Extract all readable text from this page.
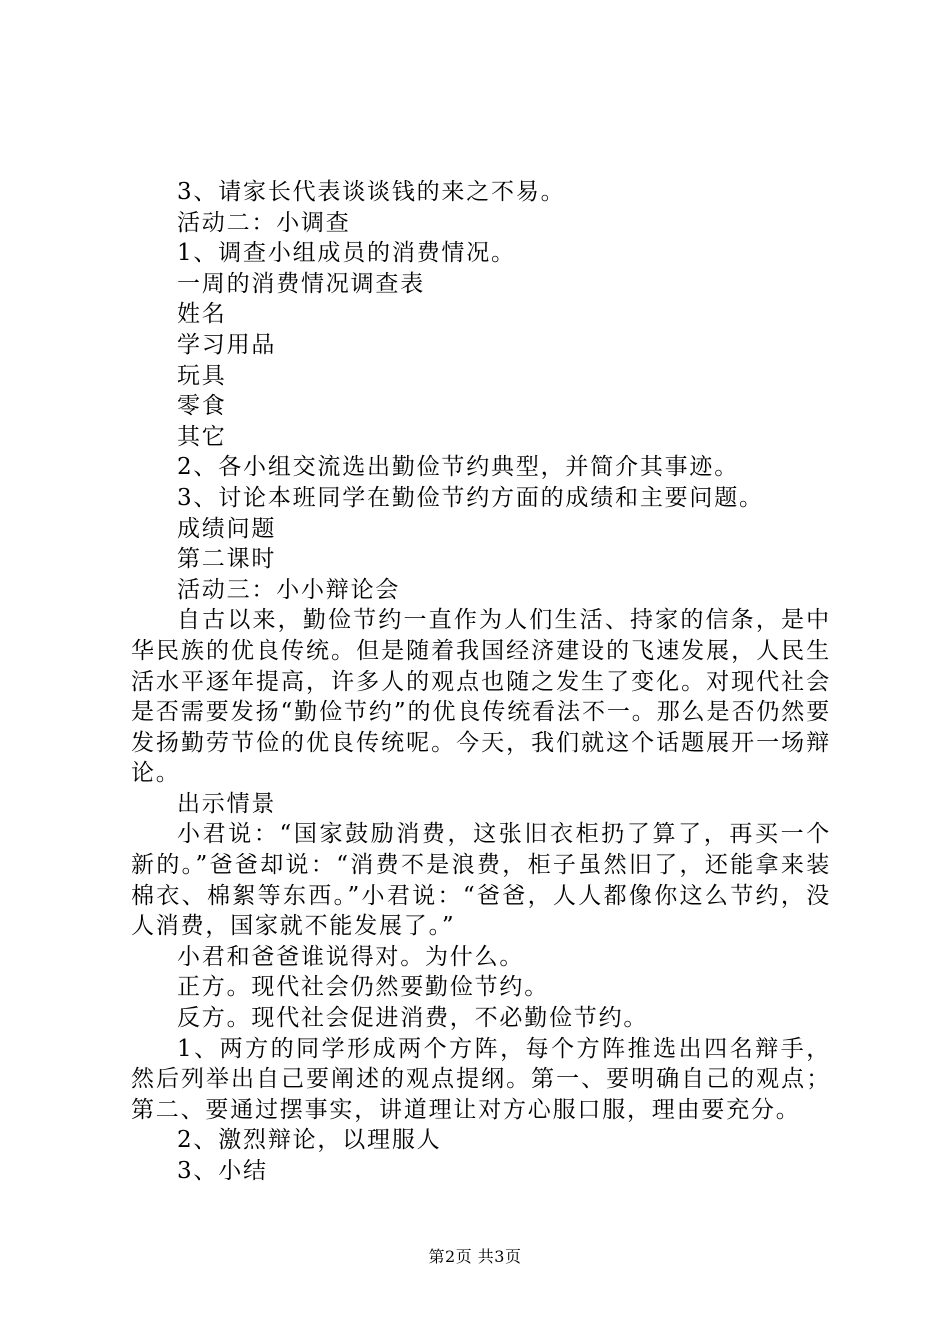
3、请家长代表谈谈钱的来之不易。
活动二：小调查
1、调查小组成员的消费情况。
一周的消费情况调查表
姓名
学习用品
玩具
零食
其它
2、各小组交流选出勤俭节约典型，并简介其事迹。
3、讨论本班同学在勤俭节约方面的成绩和主要问题。
成绩问题
第二课时
活动三：小小辩论会

自古以来，勤俭节约一直作为人们生活、持家的信条，是中华民族的优良传统。但是随着我国经济建设的飞速发展，人民生活水平逐年提高，许多人的观点也随之发生了变化。对现代社会是否需要发扬“勤俭节约”的优良传统看法不一。那么是否仍然要发扬勤劳节俭的优良传统呢。今天，我们就这个话题展开一场辩论。

出示情景

小君说：“国家鼓励消费，这张旧衣柜扔了算了，再买一个新的。”爸爸却说：“消费不是浪费，柜子虽然旧了，还能拿来装棉衣、棉絮等东西。”小君说：“爸爸，人人都像你这么节约，没人消费，国家就不能发展了。”

小君和爸爸谁说得对。为什么。
正方。现代社会仍然要勤俭节约。
反方。现代社会促进消费，不必勤俭节约。

1、两方的同学形成两个方阵，每个方阵推选出四名辩手，然后列举出自己要阐述的观点提纲。第一、要明确自己的观点；第二、要通过摆事实，讲道理让对方心服口服，理由要充分。

2、激烈辩论，以理服人
3、小结
第2页 共3页
